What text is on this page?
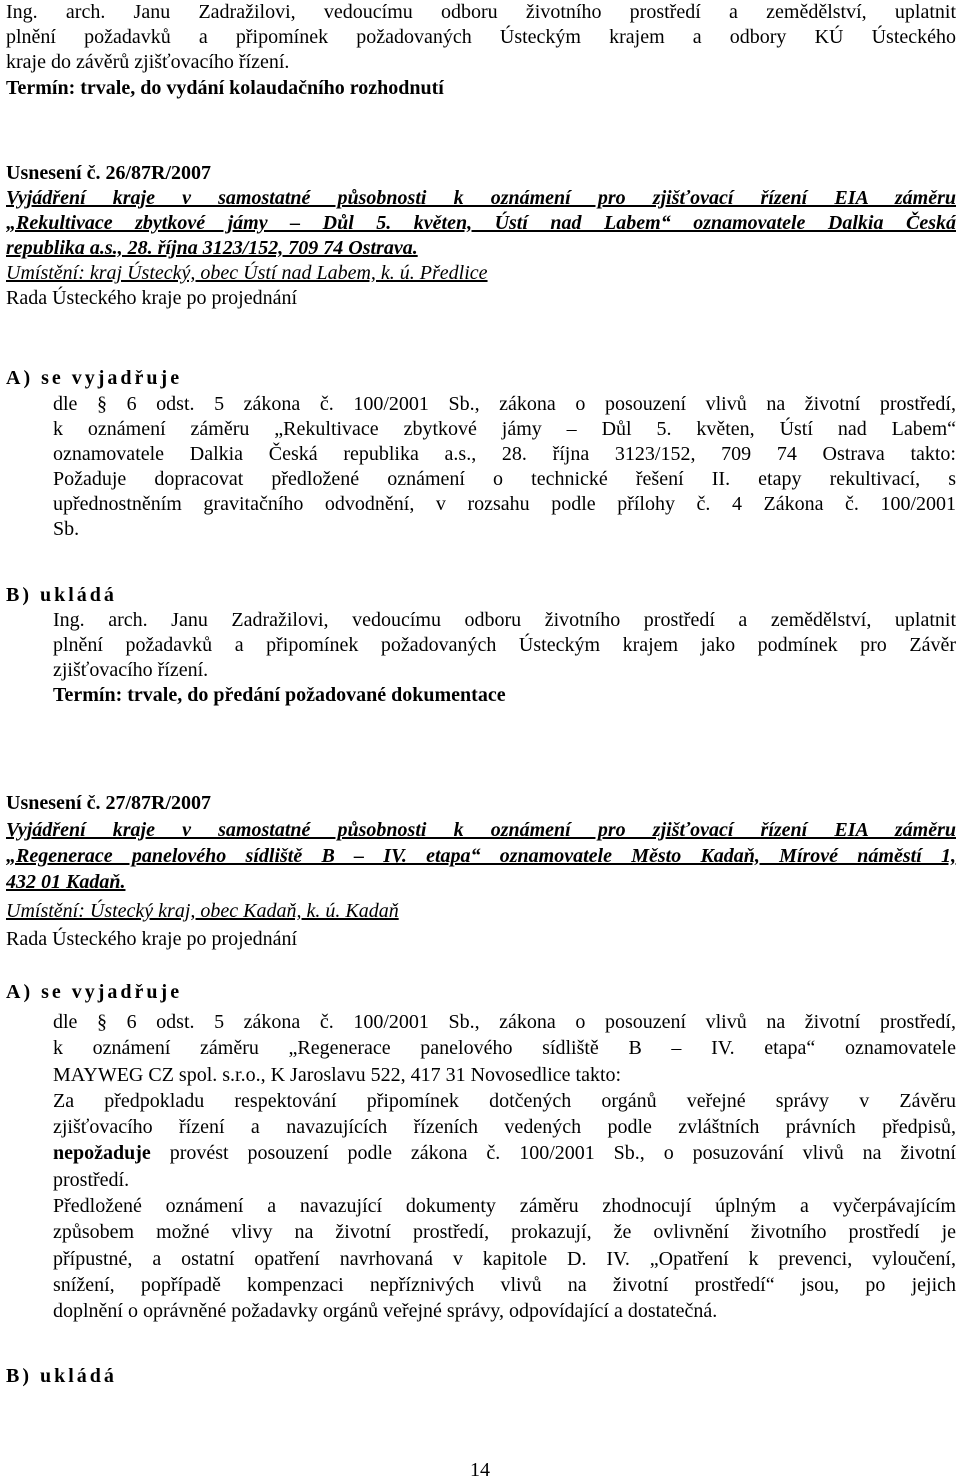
Ing. arch. Janu Zadražilovi, vedoucímu odboru životního prostředí a zemědělství, uplatnit

plnění požadavků a připomínek požadovaných Ústeckým krajem a odbory KÚ Ústeckého

kraje do závěrů zjišťovacího řízení.

Termín: trvale, do vydání kolaudačního rozhodnutí

Usnesení č. 26/87R/2007

Vyjádření kraje v samostatné působnosti k oznámení pro zjišťovací řízení EIA záměru

„Rekultivace zbytkové jámy – Důl 5. květen, Ústí nad Labem“ oznamovatele Dalkia Česká

republika a.s., 28. října 3123/152, 709 74 Ostrava.

Umístění: kraj Ústecký, obec Ústí nad Labem, k. ú. Předlice

Rada Ústeckého kraje po projednání

A) se vyjadřuje

dle § 6 odst. 5 zákona č. 100/2001 Sb., zákona o posouzení vlivů na životní prostředí,

k oznámení záměru „Rekultivace zbytkové jámy – Důl 5. květen, Ústí nad Labem“

oznamovatele Dalkia Česká republika a.s., 28. října 3123/152, 709 74 Ostrava takto:

Požaduje dopracovat předložené oznámení o technické řešení II. etapy rekultivací, s

upřednostněním gravitačního odvodnění, v rozsahu podle přílohy č. 4 Zákona č. 100/2001

Sb.

B) ukládá

Ing. arch. Janu Zadražilovi, vedoucímu odboru životního prostředí a zemědělství, uplatnit

plnění požadavků a připomínek požadovaných Ústeckým krajem jako podmínek pro Závěr

zjišťovacího řízení.

Termín: trvale, do předání požadované dokumentace

Usnesení č. 27/87R/2007

Vyjádření kraje v samostatné působnosti k oznámení pro zjišťovací řízení EIA záměru

„Regenerace panelového sídliště B – IV. etapa“ oznamovatele Město Kadaň, Mírové náměstí 1,

432 01 Kadaň.

Umístění: Ústecký kraj, obec Kadaň, k. ú. Kadaň

Rada Ústeckého kraje po projednání

A) se vyjadřuje

dle § 6 odst. 5 zákona č. 100/2001 Sb., zákona o posouzení vlivů na životní prostředí,

k oznámení záměru „Regenerace panelového sídliště B – IV. etapa“ oznamovatele

MAYWEG CZ spol. s.r.o., K Jaroslavu 522, 417 31 Novosedlice takto:

Za předpokladu respektování připomínek dotčených orgánů veřejné správy v Závěru

zjišťovacího řízení a navazujících řízeních vedených podle zvláštních právních předpisů,

nepožaduje provést posouzení podle zákona č. 100/2001 Sb., o posuzování vlivů na životní

prostředí.

Předložené oznámení a navazující dokumenty záměru zhodnocují úplným a vyčerpávajícím

způsobem možné vlivy na životní prostředí, prokazují, že ovlivnění životního prostředí je

přípustné, a ostatní opatření navrhovaná v kapitole D. IV. „Opatření k prevenci, vyloučení,

snížení, popřípadě kompenzaci nepříznivých vlivů na životní prostředí“ jsou, po jejich

doplnění o oprávněné požadavky orgánů veřejné správy, odpovídající a dostatečná.

B) ukládá

14
